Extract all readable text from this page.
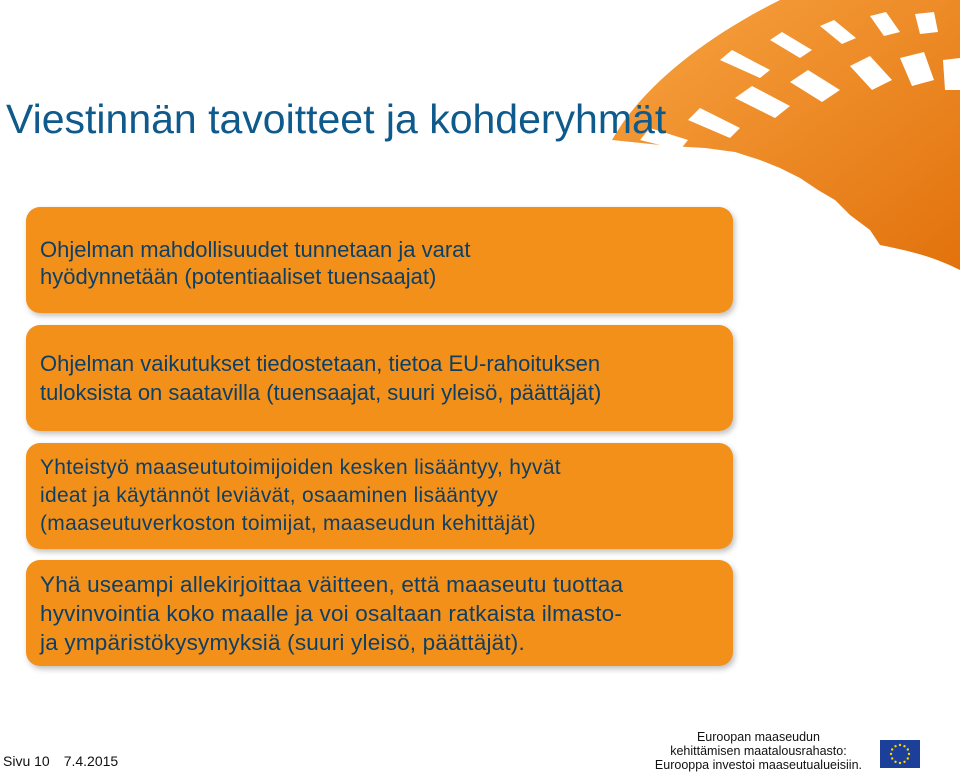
Viestinnän tavoitteet ja kohderyhmät
Ohjelman mahdollisuudet tunnetaan ja varat
hyödynnetään (potentiaaliset tuensaajat)
Ohjelman vaikutukset tiedostetaan, tietoa EU-rahoituksen
tuloksista on saatavilla (tuensaajat, suuri yleisö, päättäjät)
Yhteistyö maaseututoimijoiden kesken lisääntyy, hyvät
ideat ja käytännöt leviävät, osaaminen lisääntyy
(maaseutuverkoston toimijat, maaseudun kehittäjät)
Yhä useampi allekirjoittaa väitteen, että maaseutu tuottaa
hyvinvointia koko maalle ja voi osaltaan ratkaista ilmasto-
ja ympäristökysymyksiä (suuri yleisö, päättäjät).
Sivu 10 7.4.2015
Euroopan maaseudun
kehittämisen maatalousrahasto:
Eurooppa investoi maaseutualueisiin.
